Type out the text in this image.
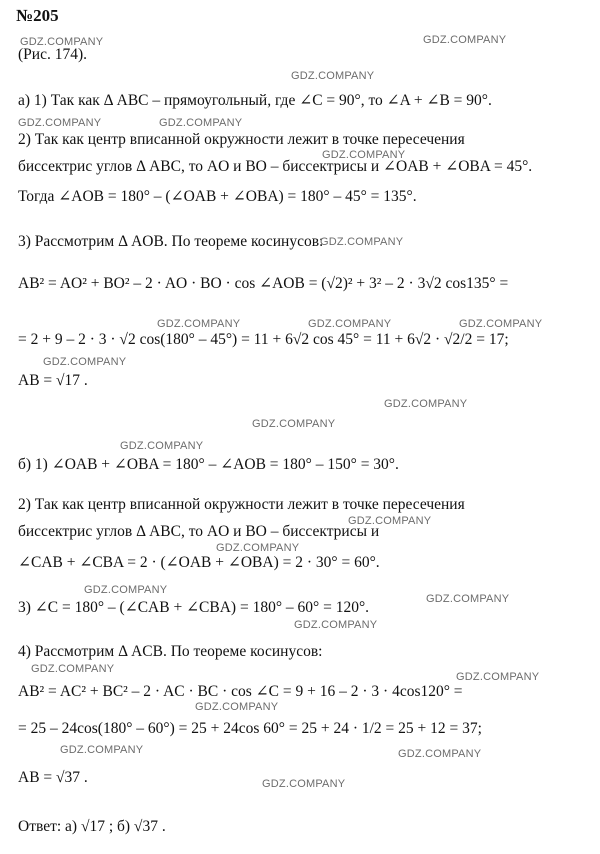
№205
(Рис. 174).
а) 1) Так как Δ ABC – прямоугольный, где ∠C = 90°, то ∠A + ∠B = 90°.
2) Так как центр вписанной окружности лежит в точке пересечения
биссектрис углов Δ ABC, то AO и BO – биссектрисы и ∠OAB + ∠OBA = 45°.
Тогда ∠AOB = 180° – (∠OAB + ∠OBA) = 180° – 45° = 135°.
3) Рассмотрим Δ AOB. По теореме косинусов:
AB² = AO² + BO² – 2 · AO · BO · cos ∠AOB = (√2)² + 3² – 2 · 3√2 cos135° =
= 2 + 9 – 2 · 3 · √2 cos(180° – 45°) = 11 + 6√2 cos 45° = 11 + 6√2 · √2/2 = 17;
AB = √17 .
б) 1) ∠OAB + ∠OBA = 180° – ∠AOB = 180° – 150° = 30°.
2) Так как центр вписанной окружности лежит в точке пересечения
биссектрис углов Δ ABC, то AO и BO – биссектрисы и
∠CAB + ∠CBA = 2 · (∠OAB + ∠OBA) = 2 · 30° = 60°.
3) ∠C = 180° – (∠CAB + ∠CBA) = 180° – 60° = 120°.
4) Рассмотрим Δ ACB. По теореме косинусов:
AB² = AC² + BC² – 2 · AC · BC · cos ∠C = 9 + 16 – 2 · 3 · 4cos120° =
= 25 – 24cos(180° – 60°) = 25 + 24cos 60° = 25 + 24 · 1/2 = 25 + 12 = 37;
AB = √37 .
Ответ: а) √17 ; б) √37 .
GDZ.COMPANY	GDZ.COMPANY
GDZ.COMPANY
GDZ.COMPANY	GDZ.COMPANY
GDZ.COMPANY
GDZ.COMPANY
GDZ.COMPANY	GDZ.COMPANY	GDZ.COMPANY
GDZ.COMPANY
GDZ.COMPANY
GDZ.COMPANY
GDZ.COMPANY
GDZ.COMPANY
GDZ.COMPANY
GDZ.COMPANY
GDZ.COMPANY
GDZ.COMPANY
GDZ.COMPANY
GDZ.COMPANY
GDZ.COMPANY
GDZ.COMPANY	GDZ.COMPANY
GDZ.COMPANY
